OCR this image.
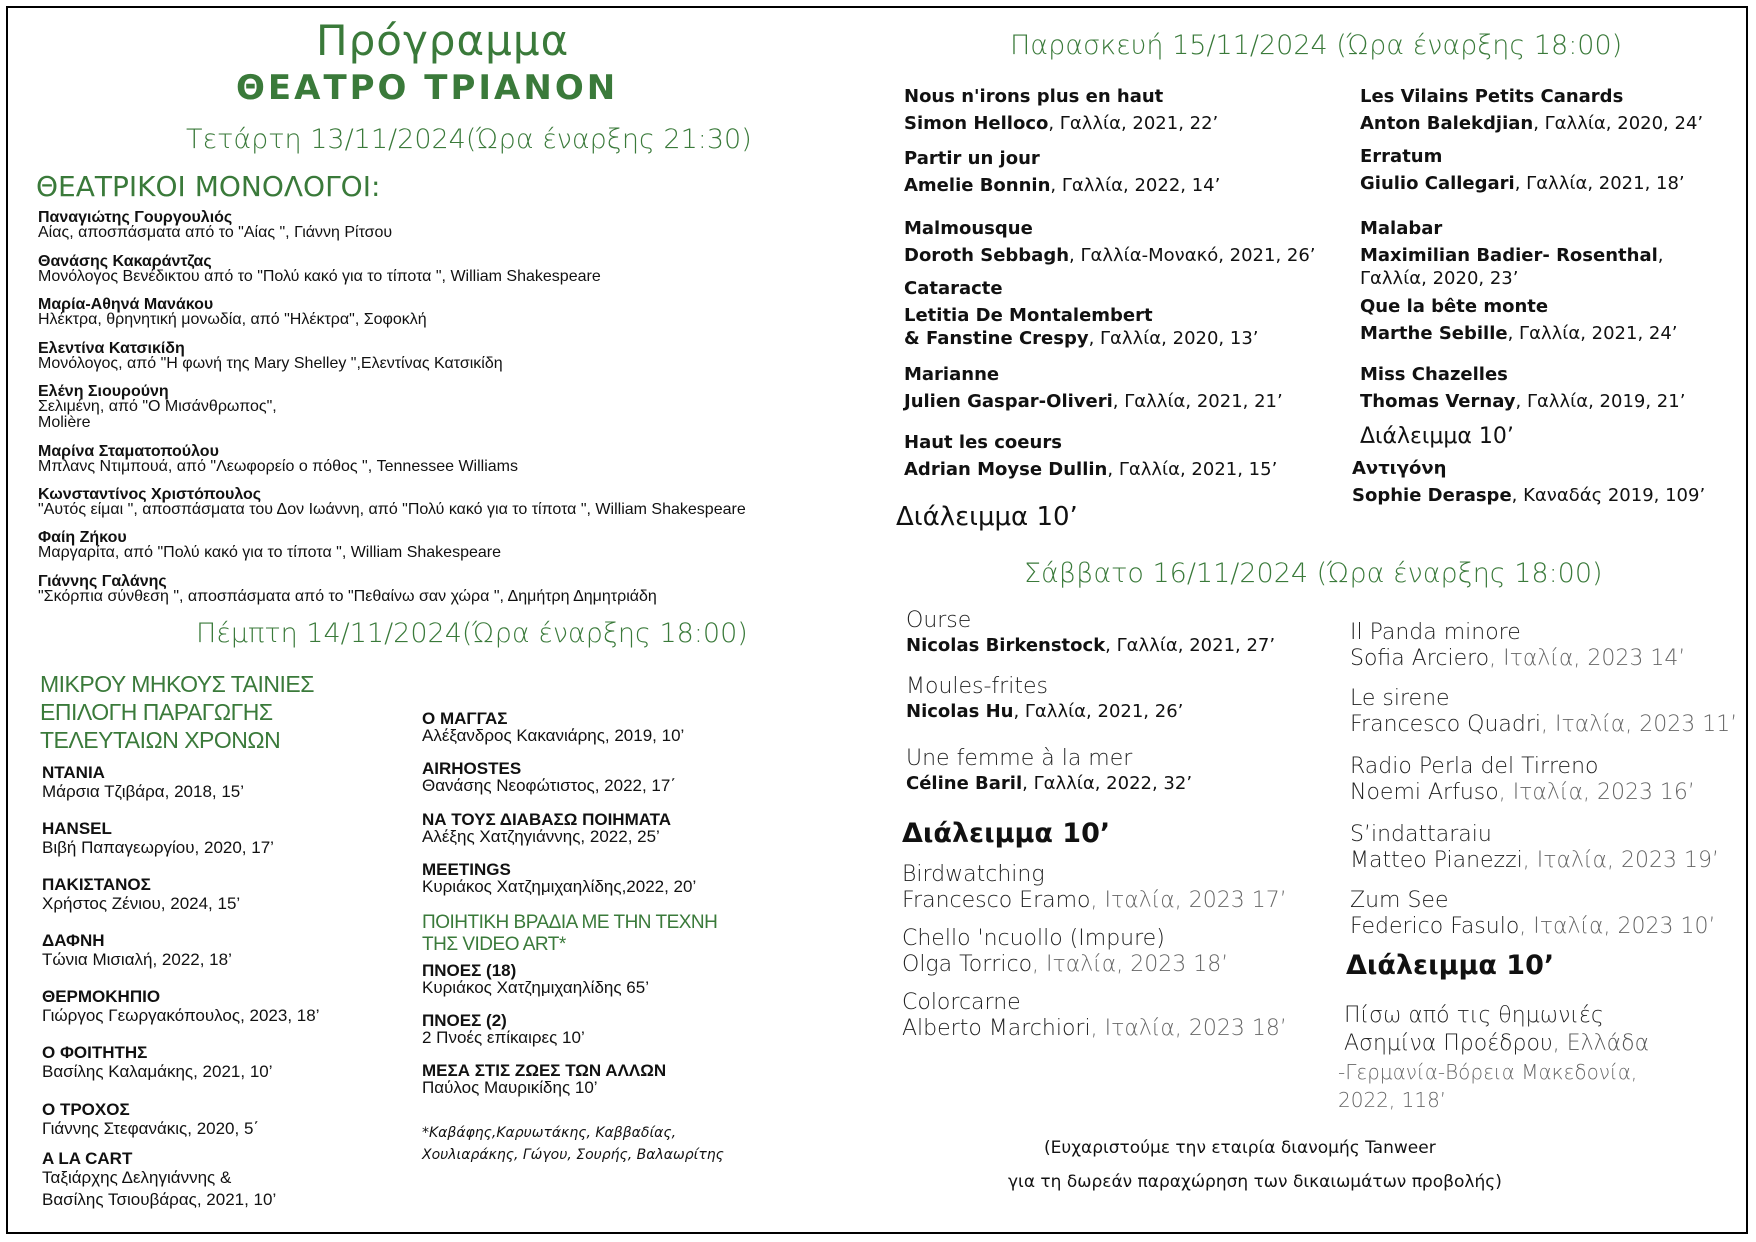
Πρόγραμμα
ΘΕΑΤΡΟ ΤΡΙΑΝΟΝ
Τετάρτη 13/11/2024(Ώρα έναρξης 21:30)
ΘΕΑΤΡΙΚΟΙ ΜΟΝΟΛΟΓΟΙ:
Παναγιώτης Γουργουλιός
Αίας, αποσπάσματα από το "Αίας ", Γιάννη Ρίτσου
Θανάσης Κακαράντζας
Μονόλογος Βενέδικτου από το "Πολύ κακό για το τίποτα ", William Shakespeare
Μαρία-Αθηνά Μανάκου
Ηλέκτρα, θρηνητική μονωδία, από "Ηλέκτρα", Σοφοκλή
Ελεντίνα Κατσικίδη
Μονόλογος, από "Η φωνή της Mary Shelley ",Ελεντίνας Κατσικίδη
Ελένη Σιουρούνη
Σελιμένη, από "Ο Μισάνθρωπος",
Molière
Μαρίνα Σταματοπούλου
Μπλανς Ντιμπουά, από "Λεωφορείο ο πόθος ", Tennessee Williams
Κωνσταντίνος Χριστόπουλος
"Αυτός είμαι ", αποσπάσματα του Δον Ιωάννη, από "Πολύ κακό για το τίποτα ", William Shakespeare
Φαίη Ζήκου
Μαργαρίτα, από "Πολύ κακό για το τίποτα ", William Shakespeare
Γιάννης Γαλάνης
"Σκόρπια σύνθεση ", αποσπάσματα από το "Πεθαίνω σαν χώρα ", Δημήτρη Δημητριάδη
Πέμπτη 14/11/2024(Ώρα έναρξης 18:00)
ΜΙΚΡΟΥ ΜΗΚΟΥΣ ΤΑΙΝΙΕΣ
ΕΠΙΛΟΓΗ ΠΑΡΑΓΩΓΗΣ
ΤΕΛΕΥΤΑΙΩΝ ΧΡΟΝΩΝ
ΝΤΑΝΙΑ
Μάρσια Τζιβάρα, 2018, 15’
HANSEL
Βιβή Παπαγεωργίου, 2020, 17’
ΠΑΚΙΣΤΑΝΟΣ
Χρήστος Ζένιου, 2024, 15’
ΔΑΦΝΗ
Τώνια Μισιαλή, 2022, 18’
ΘΕΡΜΟΚΗΠΙΟ
Γιώργος Γεωργακόπουλος, 2023, 18’
Ο ΦΟΙΤΗΤΗΣ
Βασίλης Καλαμάκης, 2021, 10’
Ο ΤΡΟΧΟΣ
Γιάννης Στεφανάκις, 2020, 5΄
A LA CART
Ταξιάρχης Δεληγιάννης &
Βασίλης Τσιουβάρας, 2021, 10’
Ο ΜΑΓΓΑΣ
Αλέξανδρος Κακανιάρης, 2019, 10’
AIRHOSTES
Θανάσης Νεοφώτιστος, 2022, 17΄
ΝΑ ΤΟΥΣ ΔΙΑΒΑΣΩ ΠΟΙΗΜΑΤΑ
Αλέξης Χατζηγιάννης, 2022, 25’
MEETINGS
Κυριάκος Χατζημιχαηλίδης,2022, 20’
ΠΟΙΗΤΙΚΗ ΒΡΑΔΙΑ ΜΕ ΤΗΝ ΤΕΧΝΗ
ΤΗΣ VIDEO ART*
ΠΝΟΕΣ (18)
Κυριάκος Χατζημιχαηλίδης 65’
ΠΝΟΕΣ (2)
2 Πνοές επίκαιρες 10’
ΜΕΣΑ ΣΤΙΣ ΖΩΕΣ ΤΩΝ ΑΛΛΩΝ
Παύλος Μαυρικίδης 10’
*Καβάφης,Καρυωτάκης, Καββαδίας,
Χουλιαράκης, Γώγου, Σουρής, Βαλαωρίτης
Παρασκευή 15/11/2024 (Ώρα έναρξης 18:00)
Nous n'irons plus en haut
Simon Helloco, Γαλλία, 2021, 22’
Partir un jour
Amelie Bonnin, Γαλλία, 2022, 14’
Malmousque
Doroth Sebbagh, Γαλλία-Μονακό, 2021, 26’
Cataracte
Letitia De Montalembert
& Fanstine Crespy, Γαλλία, 2020, 13’
Marianne
Julien Gaspar-Oliveri, Γαλλία, 2021, 21’
Haut les coeurs
Adrian Moyse Dullin, Γαλλία, 2021, 15’
Διάλειμμα 10’
Les Vilains Petits Canards
Anton Balekdjian, Γαλλία, 2020, 24’
Erratum
Giulio Callegari, Γαλλία, 2021, 18’
Malabar
Maximilian Badier- Rosenthal,
Γαλλία, 2020, 23’
Que la bête monte
Marthe Sebille, Γαλλία, 2021, 24’
Miss Chazelles
Thomas Vernay, Γαλλία, 2019, 21’
Διάλειμμα 10’
Αντιγόνη
Sophie Deraspe, Καναδάς 2019, 109’
Σάββατο 16/11/2024 (Ώρα έναρξης 18:00)
Ourse
Nicolas Birkenstock, Γαλλία, 2021, 27’
Moules-frites
Nicolas Hu, Γαλλία, 2021, 26’
Une femme à la mer
Céline Baril, Γαλλία, 2022, 32’
Διάλειμμα 10’
Birdwatching
Francesco Eramo, Ιταλία, 2023 17’
Chello 'ncuollo (Impure)
Olga Torrico, Ιταλία, 2023 18’
Colorcarne
Alberto Marchiori, Ιταλία, 2023 18’
Il Panda minore
Sofia Arciero, Ιταλία, 2023 14’
Le sirene
Francesco Quadri, Ιταλία, 2023 11’
Radio Perla del Tirreno
Noemi Arfuso, Ιταλία, 2023 16’
S’indattaraiu
Matteo Pianezzi, Ιταλία, 2023 19’
Zum See
Federico Fasulo, Ιταλία, 2023 10’
Διάλειμμα 10’
Πίσω από τις θημωνιές
Ασημίνα Προέδρου, Ελλάδα
-Γερμανία-Βόρεια Μακεδονία,
2022, 118’
(Ευχαριστούμε την εταιρία διανομής Tanweer
για τη δωρεάν παραχώρηση των δικαιωμάτων προβολής)
